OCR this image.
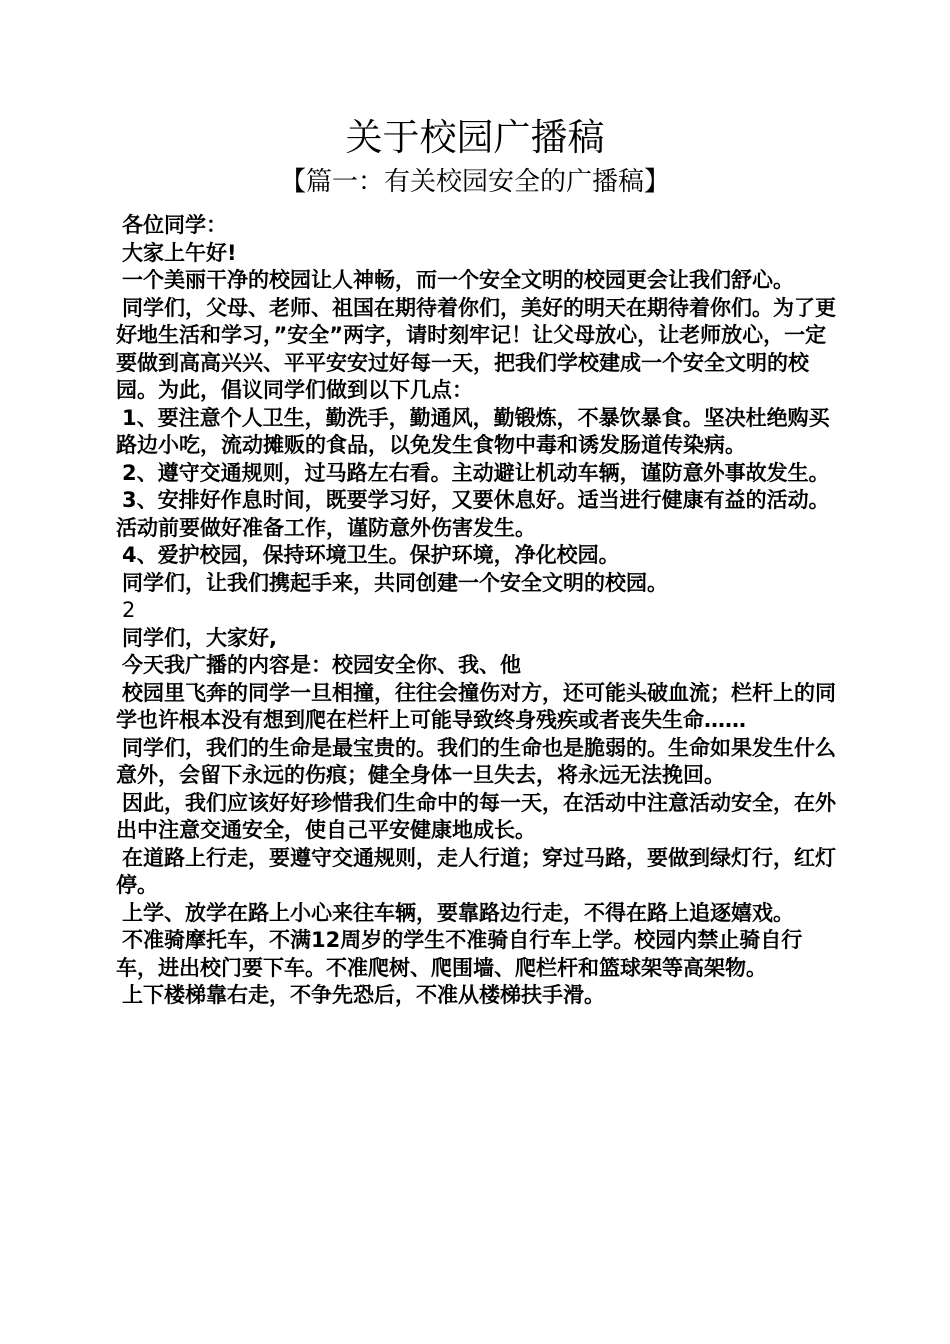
关于校园广播稿
【篇一：有关校园安全的广播稿】

各位同学：

大家上午好!

一个美丽干净的校园让人神畅，而一个安全文明的校园更会让我们舒心。

同学们，父母、老师、祖国在期待着你们，美好的明天在期待着你们。为了更好地生活和学习，”安全”两字，请时刻牢记！让父母放心，让老师放心，一定要做到高高兴兴、平平安安过好每一天，把我们学校建成一个安全文明的校园。为此，倡议同学们做到以下几点：

1、要注意个人卫生，勤洗手，勤通风，勤锻炼，不暴饮暴食。坚决杜绝购买路边小吃，流动摊贩的食品，以免发生食物中毒和诱发肠道传染病。

2、遵守交通规则，过马路左右看。主动避让机动车辆，谨防意外事故发生。

3、安排好作息时间，既要学习好，又要休息好。适当进行健康有益的活动。活动前要做好准备工作，谨防意外伤害发生。

4、爱护校园，保持环境卫生。保护环境，净化校园。

同学们，让我们携起手来，共同创建一个安全文明的校园。

2

同学们，大家好,

今天我广播的内容是：校园安全你、我、他

校园里飞奔的同学一旦相撞，往往会撞伤对方，还可能头破血流；栏杆上的同学也许根本没有想到爬在栏杆上可能导致终身残疾或者丧失生命……

同学们，我们的生命是最宝贵的。我们的生命也是脆弱的。生命如果发生什么意外，会留下永远的伤痕；健全身体一旦失去，将永远无法挽回。

因此，我们应该好好珍惜我们生命中的每一天，在活动中注意活动安全，在外出中注意交通安全，使自己平安健康地成长。

在道路上行走，要遵守交通规则，走人行道；穿过马路，要做到绿灯行，红灯停。

上学、放学在路上小心来往车辆，要靠路边行走，不得在路上追逐嬉戏。

不准骑摩托车，不满12周岁的学生不准骑自行车上学。校园内禁止骑自行车，进出校门要下车。不准爬树、爬围墙、爬栏杆和篮球架等高架物。

上下楼梯靠右走，不争先恐后，不准从楼梯扶手滑。
